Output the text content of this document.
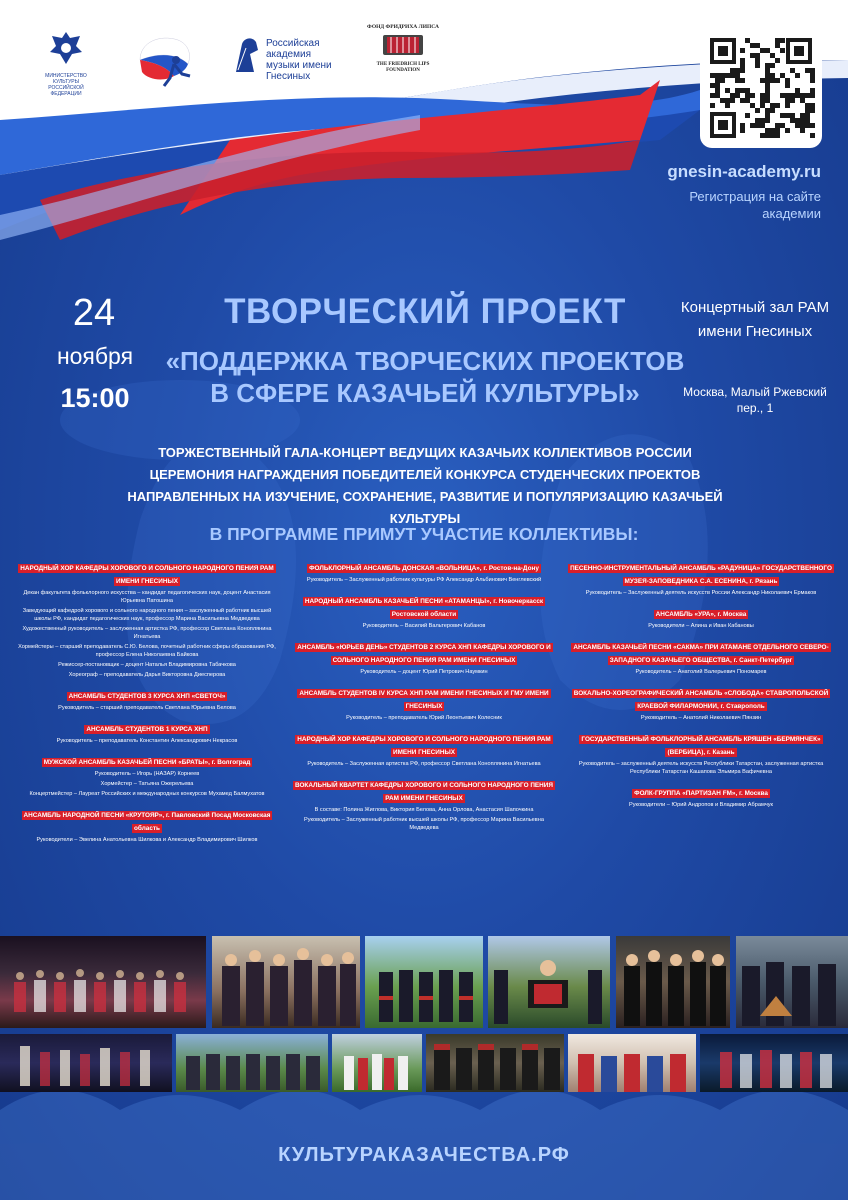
МИНИСТЕРСТВО КУЛЬТУРЫ РОССИЙСКОЙ ФЕДЕРАЦИИ
Российская академия музыки имени Гнесиных
ФОНД ФРИДРИХА ЛИПСА
THE FRIEDRICH LIPS FOUNDATION
gnesin-academy.ru
Регистрация на сайте академии
24
ноября
15:00
ТВОРЧЕСКИЙ ПРОЕКТ
«ПОДДЕРЖКА ТВОРЧЕСКИХ ПРОЕКТОВ В СФЕРЕ КАЗАЧЬЕЙ КУЛЬТУРЫ»
Концертный зал РАМ имени Гнесиных
Москва, Малый Ржевский пер., 1
ТОРЖЕСТВЕННЫЙ ГАЛА-КОНЦЕРТ ВЕДУЩИХ КАЗАЧЬИХ КОЛЛЕКТИВОВ РОССИИ
ЦЕРЕМОНИЯ НАГРАЖДЕНИЯ ПОБЕДИТЕЛЕЙ КОНКУРСА СТУДЕНЧЕСКИХ ПРОЕКТОВ НАПРАВЛЕННЫХ НА ИЗУЧЕНИЕ, СОХРАНЕНИЕ, РАЗВИТИЕ И ПОПУЛЯРИЗАЦИЮ КАЗАЧЬЕЙ КУЛЬТУРЫ
В ПРОГРАММЕ ПРИМУТ УЧАСТИЕ КОЛЛЕКТИВЫ:
НАРОДНЫЙ ХОР КАФЕДРЫ ХОРОВОГО И СОЛЬНОГО НАРОДНОГО ПЕНИЯ РАМ ИМЕНИ ГНЕСИНЫХ
Декан факультета фольклорного искусства – кандидат педагогических наук, доцент Анастасия Юрьевна Патошина
Заведующий кафедрой хорового и сольного народного пения – заслуженный работник высшей школы РФ, кандидат педагогических наук, профессор Марина Васильевна Медведева
Художественный руководитель – заслуженная артистка РФ, профессор Светлана Коноплянина Игнатьева
Хормейстеры – старший преподаватель С.Ю. Белова, почетный работник сферы образования РФ, профессор Елена Николаевна Байкова
Режиссер-постановщик – доцент Наталья Владимировна Табачкова
Хореограф – преподаватель Дарья Викторовна Диесперова
АНСАМБЛЬ СТУДЕНТОВ 3 КУРСА ХНП «СВЕТОЧ»
Руководитель – старший преподаватель Светлана Юрьевна Белова
АНСАМБЛЬ СТУДЕНТОВ 1 КУРСА ХНП
Руководитель – преподаватель Константин Александрович Некрасов
МУЖСКОЙ АНСАМБЛЬ КАЗАЧЬЕЙ ПЕСНИ «БРАТЫ», г. Волгоград
Руководитель – Игорь (НАЗАР) Корнеев
Хормейстер – Татьяна Ожерельева
Концертмейстер – Лауреат Российских и международных конкурсов Мухамед Балмухатов
АНСАМБЛЬ НАРОДНОЙ ПЕСНИ «КРУТОЯР», г. Павловский Посад Московская область
Руководители – Эвелина Анатольевна Шилкова и Александр Владимирович Шилков
ФОЛЬКЛОРНЫЙ АНСАМБЛЬ ДОНСКАЯ «ВОЛЬНИЦА», г. Ростов-на-Дону
Руководитель – Заслуженный работник культуры РФ Александр Альбинович Венглевский
НАРОДНЫЙ АНСАМБЛЬ КАЗАЧЬЕЙ ПЕСНИ «АТАМАНЦЫ», г. Новочеркасск Ростовской области
Руководитель – Василий Вальтерович Кабанов
АНСАМБЛЬ «ЮРЬЕВ ДЕНЬ» СТУДЕНТОВ 2 КУРСА ХНП КАФЕДРЫ ХОРОВОГО И СОЛЬНОГО НАРОДНОГО ПЕНИЯ РАМ ИМЕНИ ГНЕСИНЫХ
Руководитель – доцент Юрий Петрович Наумкин
АНСАМБЛЬ СТУДЕНТОВ IV КУРСА ХНП РАМ ИМЕНИ ГНЕСИНЫХ И ГМУ ИМЕНИ ГНЕСИНЫХ
Руководитель – преподаватель Юрий Леонтьевич Колесник
НАРОДНЫЙ ХОР КАФЕДРЫ ХОРОВОГО И СОЛЬНОГО НАРОДНОГО ПЕНИЯ РАМ ИМЕНИ ГНЕСИНЫХ
Руководитель – Заслуженная артистка РФ, профессор Светлана Коноплянина Игнатьева
ВОКАЛЬНЫЙ КВАРТЕТ КАФЕДРЫ ХОРОВОГО И СОЛЬНОГО НАРОДНОГО ПЕНИЯ РАМ ИМЕНИ ГНЕСИНЫХ
В составе: Полина Жиглова, Виктория Белова, Анна Орлова, Анастасия Шапочкина
Руководитель – Заслуженный работник высшей школы РФ, профессор Марина Васильевна Медведева
ПЕСЕННО-ИНСТРУМЕНТАЛЬНЫЙ АНСАМБЛЬ «РАДУНИЦА» ГОСУДАРСТВЕННОГО МУЗЕЯ-ЗАПОВЕДНИКА С.А. ЕСЕНИНА, г. Рязань
Руководитель – Заслуженный деятель искусств России Александр Николаевич Ермаков
АНСАМБЛЬ «УРА», г. Москва
Руководители – Алина и Иван Кабановы
АНСАМБЛЬ КАЗАЧЬЕЙ ПЕСНИ «САКМА» ПРИ АТАМАНЕ ОТДЕЛЬНОГО СЕВЕРО-ЗАПАДНОГО КАЗАЧЬЕГО ОБЩЕСТВА, г. Санкт-Петербург
Руководитель – Анатолий Валерьевич Пономарев
ВОКАЛЬНО-ХОРЕОГРАФИЧЕСКИЙ АНСАМБЛЬ «СЛОБОДА» СТАВРОПОЛЬСКОЙ КРАЕВОЙ ФИЛАРМОНИИ, г. Ставрополь
Руководитель – Анатолий Николаевич Пянзин
ГОСУДАРСТВЕННЫЙ ФОЛЬКЛОРНЫЙ АНСАМБЛЬ КРЯШЕН «БЕРМЯНЧЕК» (ВЕРБИЦА), г. Казань
Руководитель – заслуженный деятель искусств Республики Татарстан, заслуженная артистка Республики Татарстан Кашапова Эльмира Вафичевна
ФОЛК-ГРУППА «ПАРТИЗАН FM», г. Москва
Руководители – Юрий Андропов и Владимир Абрамчук
КУЛЬТУРАКАЗАЧЕСТВА.РФ
